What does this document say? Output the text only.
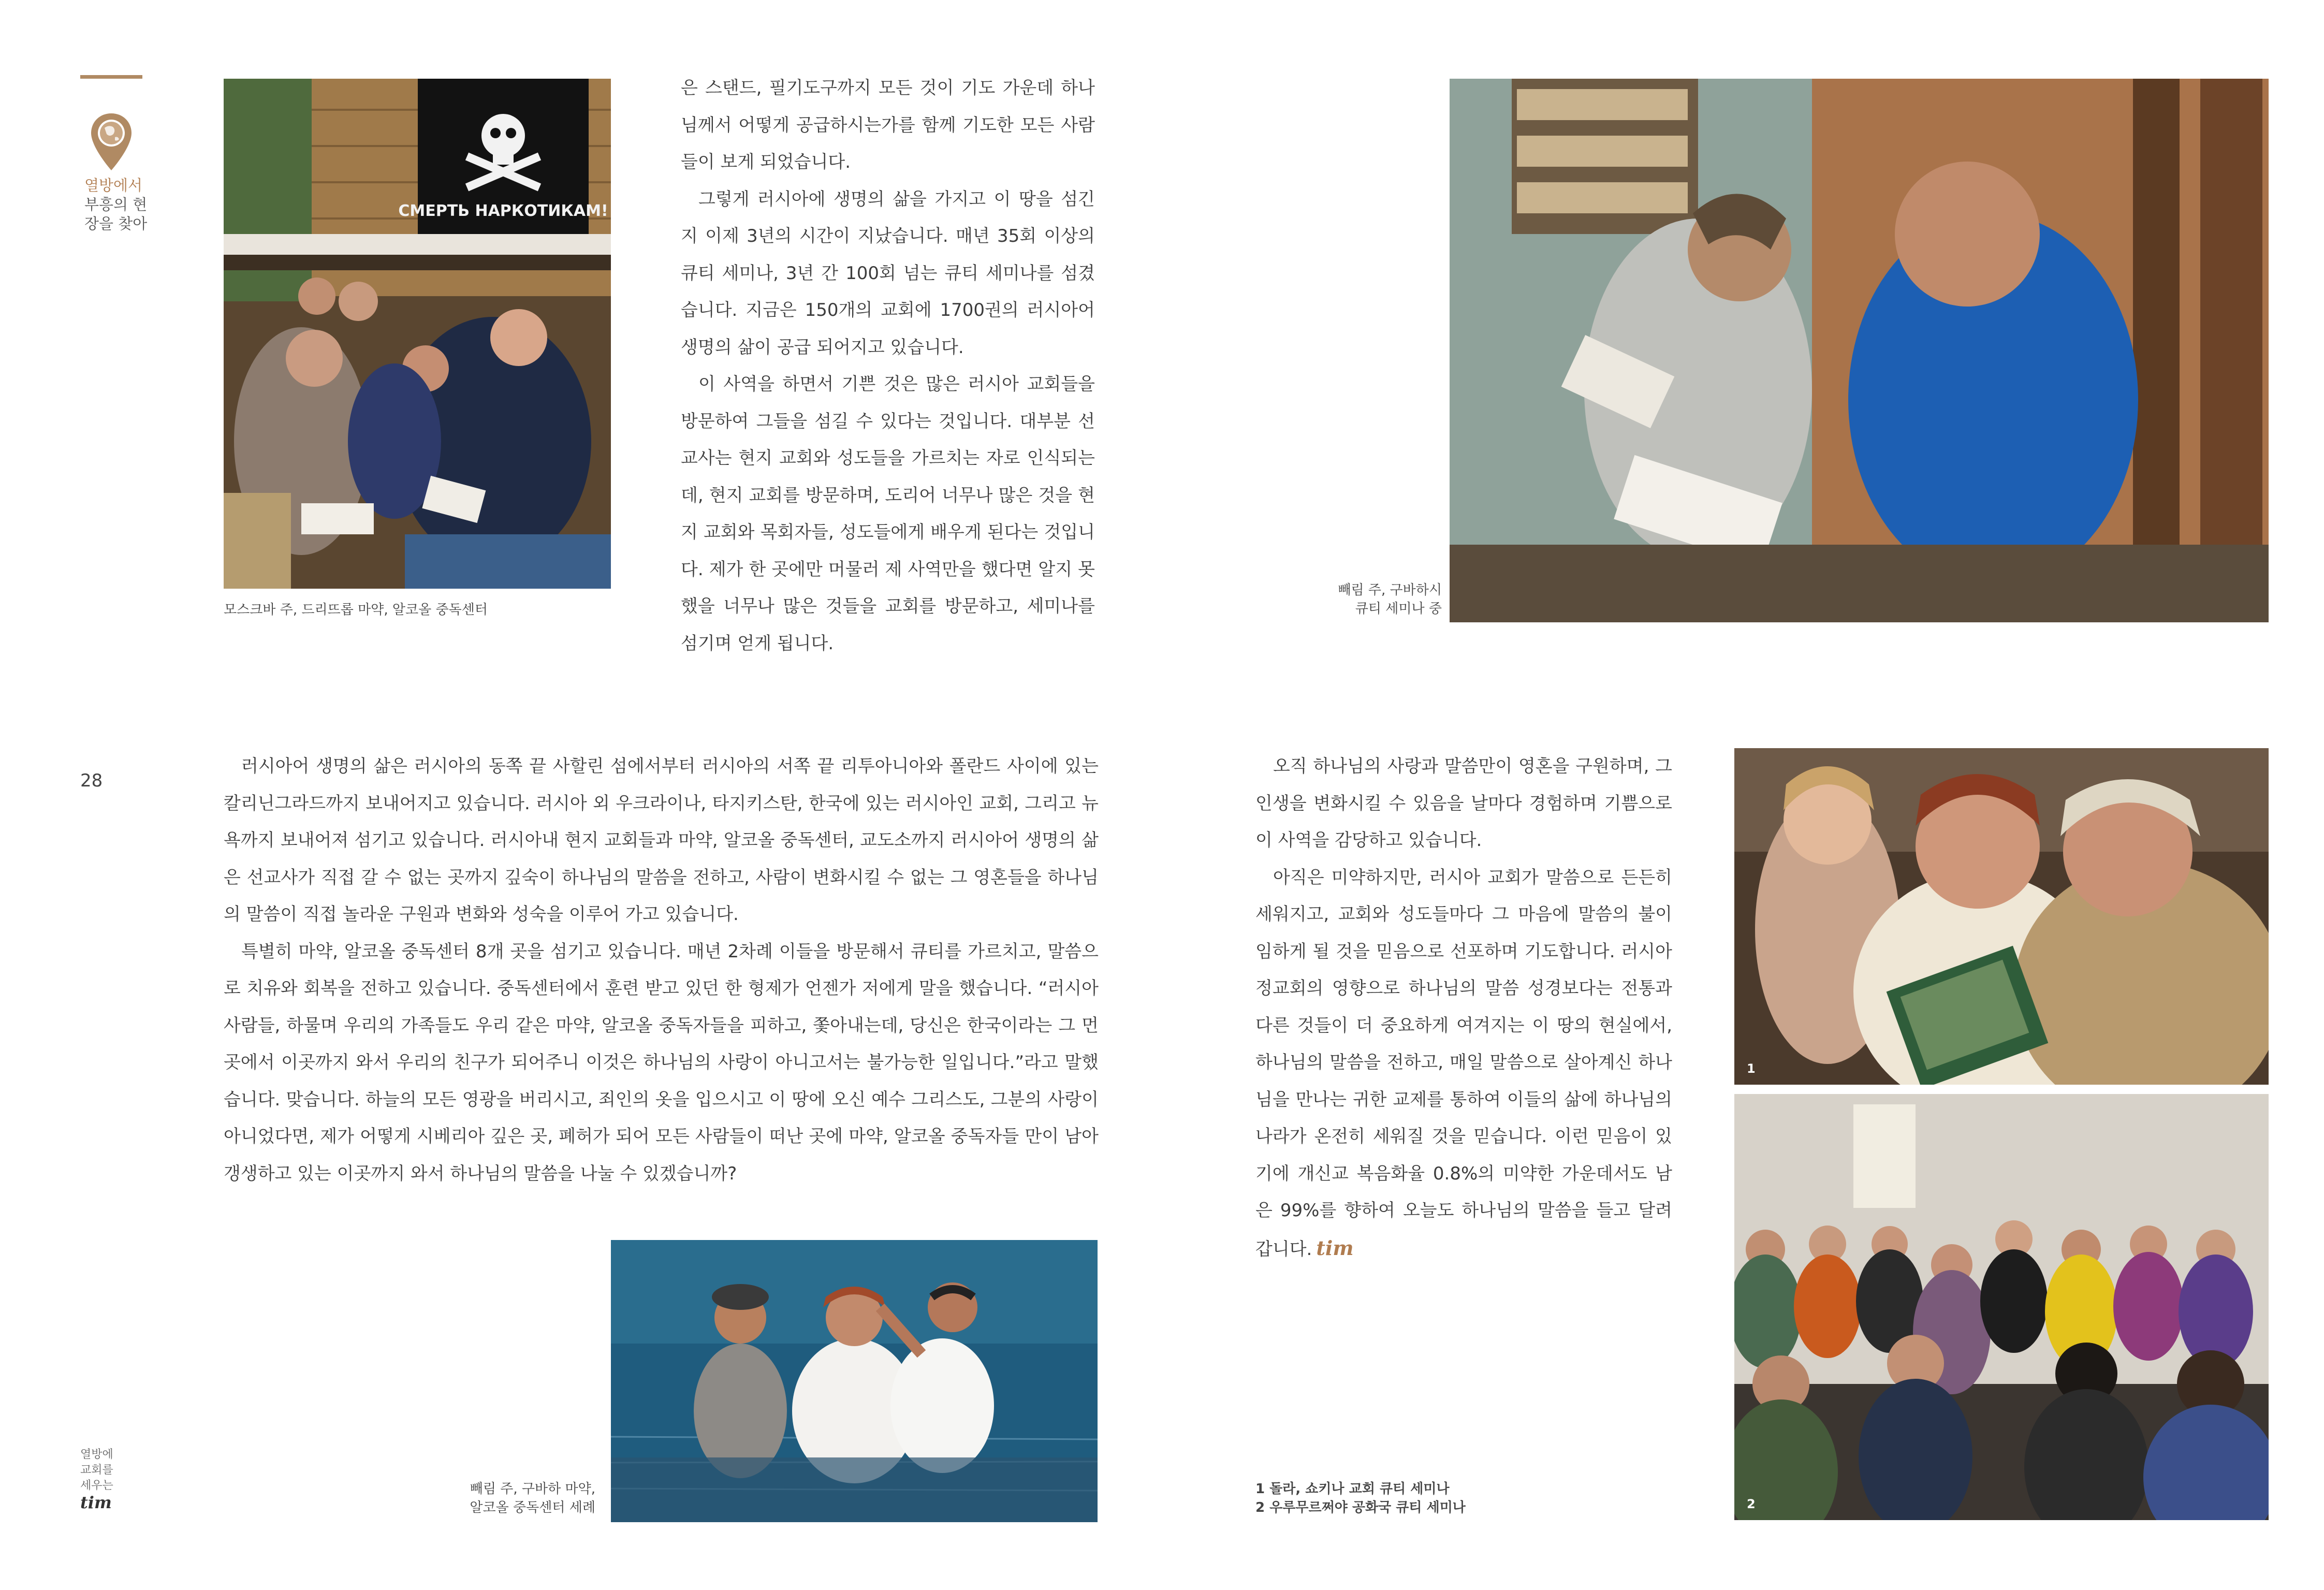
열방에서
부흥의 현장을 찾아
28
열방에
교회를
세우는
tim
СМЕРТЬ НАРКОТИКАМ!
모스크바 주, 드리뜨롭 마약, 알코올 중독센터

은 스탠드, 필기도구까지 모든 것이 기도 가운데 하나님께서 어떻게 공급하시는가를 함께 기도한 모든 사람들이 보게 되었습니다.

그렇게 러시아에 생명의 삶을 가지고 이 땅을 섬긴 지 이제 3년의 시간이 지났습니다. 매년 35회 이상의 큐티 세미나, 3년 간 100회 넘는 큐티 세미나를 섬겼습니다. 지금은 150개의 교회에 1700권의 러시아어 생명의 삶이 공급 되어지고 있습니다.

이 사역을 하면서 기쁜 것은 많은 러시아 교회들을 방문하여 그들을 섬길 수 있다는 것입니다. 대부분 선교사는 현지 교회와 성도들을 가르치는 자로 인식되는데, 현지 교회를 방문하며, 도리어 너무나 많은 것을 현지 교회와 목회자들, 성도들에게 배우게 된다는 것입니다. 제가 한 곳에만 머물러 제 사역만을 했다면 알지 못했을 너무나 많은 것들을 교회를 방문하고, 세미나를 섬기며 얻게 됩니다.

빼림 주, 구바하시
큐티 세미나 중

러시아어 생명의 삶은 러시아의 동쪽 끝 사할린 섬에서부터 러시아의 서쪽 끝 리투아니아와 폴란드 사이에 있는 칼리닌그라드까지 보내어지고 있습니다. 러시아 외 우크라이나, 타지키스탄, 한국에 있는 러시아인 교회, 그리고 뉴욕까지 보내어져 섬기고 있습니다. 러시아내 현지 교회들과 마약, 알코올 중독센터, 교도소까지 러시아어 생명의 삶은 선교사가 직접 갈 수 없는 곳까지 깊숙이 하나님의 말씀을 전하고, 사람이 변화시킬 수 없는 그 영혼들을 하나님의 말씀이 직접 놀라운 구원과 변화와 성숙을 이루어 가고 있습니다.

특별히 마약, 알코올 중독센터 8개 곳을 섬기고 있습니다. 매년 2차례 이들을 방문해서 큐티를 가르치고, 말씀으로 치유와 회복을 전하고 있습니다. 중독센터에서 훈련 받고 있던 한 형제가 언젠가 저에게 말을 했습니다. “러시아 사람들, 하물며 우리의 가족들도 우리 같은 마약, 알코올 중독자들을 피하고, 쫓아내는데, 당신은 한국이라는 그 먼 곳에서 이곳까지 와서 우리의 친구가 되어주니 이것은 하나님의 사랑이 아니고서는 불가능한 일입니다.”라고 말했습니다. 맞습니다. 하늘의 모든 영광을 버리시고, 죄인의 옷을 입으시고 이 땅에 오신 예수 그리스도, 그분의 사랑이 아니었다면, 제가 어떻게 시베리아 깊은 곳, 폐허가 되어 모든 사람들이 떠난 곳에 마약, 알코올 중독자들 만이 남아 갱생하고 있는 이곳까지 와서 하나님의 말씀을 나눌 수 있겠습니까?

오직 하나님의 사랑과 말씀만이 영혼을 구원하며, 그 인생을 변화시킬 수 있음을 날마다 경험하며 기쁨으로 이 사역을 감당하고 있습니다.

아직은 미약하지만, 러시아 교회가 말씀으로 든든히 세워지고, 교회와 성도들마다 그 마음에 말씀의 불이 임하게 될 것을 믿음으로 선포하며 기도합니다. 러시아 정교회의 영향으로 하나님의 말씀 성경보다는 전통과 다른 것들이 더 중요하게 여겨지는 이 땅의 현실에서, 하나님의 말씀을 전하고, 매일 말씀으로 살아계신 하나님을 만나는 귀한 교제를 통하여 이들의 삶에 하나님의 나라가 온전히 세워질 것을 믿습니다. 이런 믿음이 있기에 개신교 복음화율 0.8%의 미약한 가운데서도 남은 99%를 향하여 오늘도 하나님의 말씀을 들고 달려갑니다. tim

1
2
1 돌라, 쇼키나 교회 큐티 세미나
2 우루무르쩌야 공화국 큐티 세미나
빼림 주, 구바하 마약,
알코올 중독센터 세례
